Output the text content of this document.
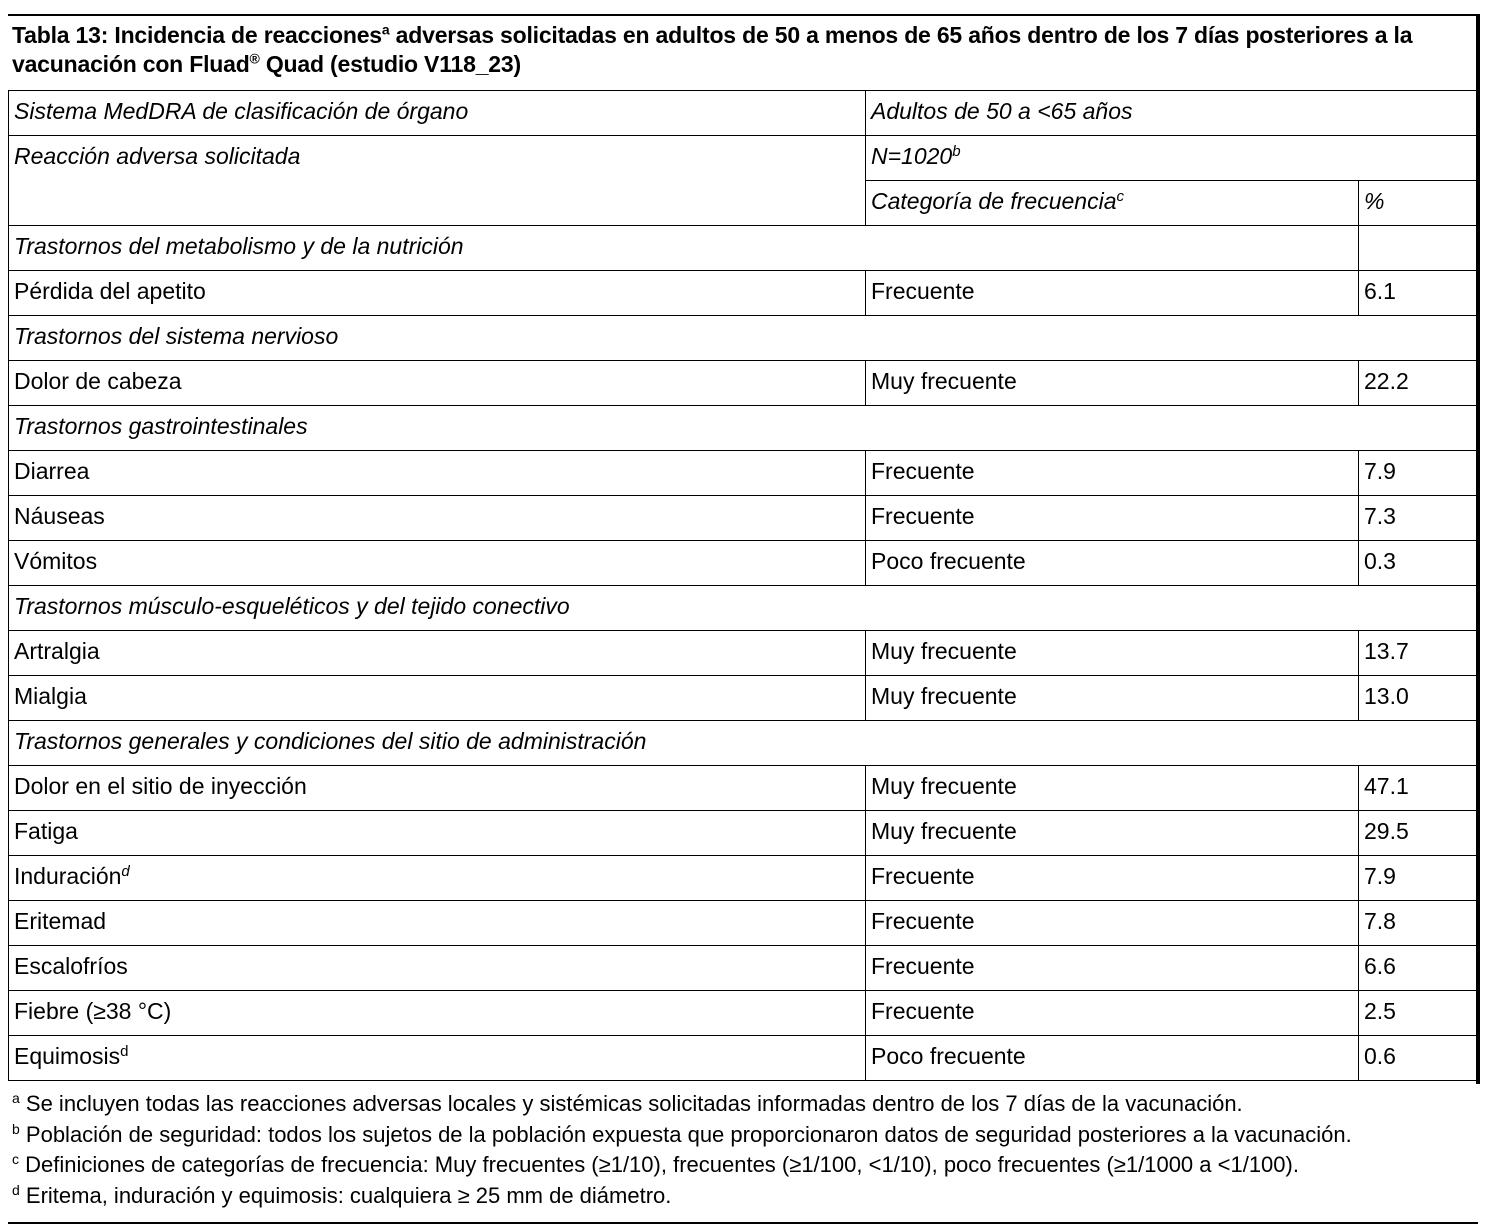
Tabla 13: Incidencia de reacciones$^a$ adversas solicitadas en adultos de 50 a menos de 65 años dentro de los 7 días posteriores a la vacunación con Fluad® Quad (estudio V118_23)
Sistema MedDRA de clasificación de órgano	Adultos de 50 a <65 años	
Reacción adversa solicitada	$N=1020^b$
	Categoría de frecuencia$^c$	%
Trastornos del metabolismo y de la nutrición		
Pérdida del apetito	Frecuente	6.1
Trastornos del sistema nervioso		
Dolor de cabeza	Muy frecuente	22.2
Trastornos gastrointestinales		
Diarrea	Frecuente	7.9
Náuseas	Frecuente	7.3
Vómitos	Poco frecuente	0.3
Trastornos músculo-esqueléticos y del tejido conectivo		
Artralgia	Muy frecuente	13.7
Mialgia	Muy frecuente	13.0
Trastornos generales y condiciones del sitio de administración		
Dolor en el sitio de inyección	Muy frecuente	47.1
Fatiga	Muy frecuente	29.5
Induración$^d$	Frecuente	7.9
Eritemad	Frecuente	7.8
Escalofríos	Frecuente	6.6
Fiebre (≥38 °C)	Frecuente	2.5
Equimosis$^d$	Poco frecuente	0.6
$^a$ Se incluyen todas las reacciones adversas locales y sistémicas solicitadas informadas dentro de los 7 días de la vacunación.
$^b$ Población de seguridad: todos los sujetos de la población expuesta que proporcionaron datos de seguridad posteriores a la vacunación.
$^c$ Definiciones de categorías de frecuencia: Muy frecuentes (≥1/10), frecuentes (≥1/100, <1/10), poco frecuentes (≥1/1000 a <1/100).
$^d$ Eritema, induración y equimosis: cualquiera ≥ 25 mm de diámetro.
